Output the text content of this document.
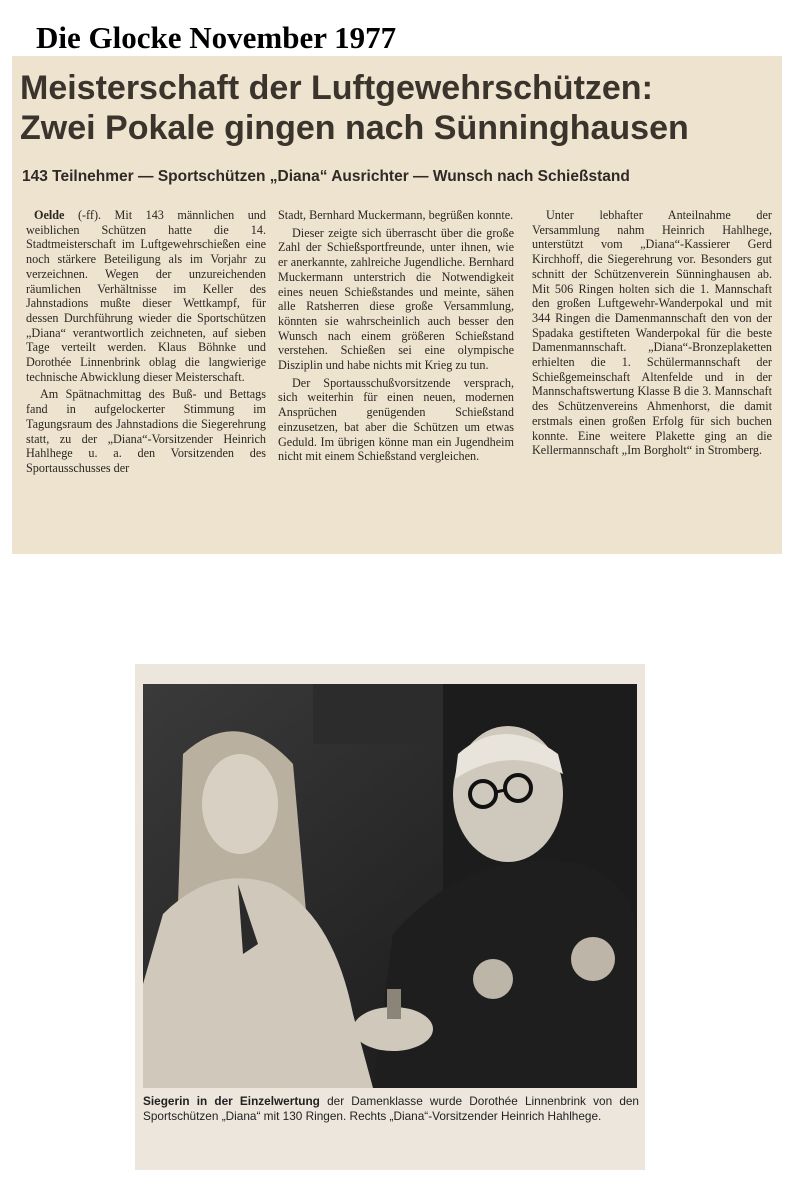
Die Glocke November 1977
Meisterschaft der Luftgewehrschützen:
Zwei Pokale gingen nach Sünninghausen
143 Teilnehmer — Sportschützen „Diana“ Ausrichter — Wunsch nach Schießstand

Oelde (-ff). Mit 143 männlichen und weiblichen Schützen hatte die 14. Stadtmeisterschaft im Luftgewehrschießen eine noch stärkere Beteiligung als im Vorjahr zu verzeichnen. Wegen der unzureichenden räumlichen Verhältnisse im Keller des Jahnstadions mußte dieser Wettkampf, für dessen Durchführung wieder die Sportschützen „Diana“ verantwortlich zeichneten, auf sieben Tage verteilt werden. Klaus Böhnke und Dorothée Linnenbrink oblag die langwierige technische Abwicklung dieser Meisterschaft.

Am Spätnachmittag des Buß- und Bettags fand in aufgelockerter Stimmung im Tagungsraum des Jahnstadions die Siegerehrung statt, zu der „Diana“-Vorsitzender Heinrich Hahlhege u. a. den Vorsitzenden des Sportausschusses der

Stadt, Bernhard Muckermann, begrüßen konnte.

Dieser zeigte sich überrascht über die große Zahl der Schießsportfreunde, unter ihnen, wie er anerkannte, zahlreiche Jugendliche. Bernhard Muckermann unterstrich die Notwendigkeit eines neuen Schießstandes und meinte, sähen alle Ratsherren diese große Versammlung, könnten sie wahrscheinlich auch besser den Wunsch nach einem größeren Schießstand verstehen. Schießen sei eine olympische Disziplin und habe nichts mit Krieg zu tun.

Der Sportausschußvorsitzende versprach, sich weiterhin für einen neuen, modernen Ansprüchen genügenden Schießstand einzusetzen, bat aber die Schützen um etwas Geduld. Im übrigen könne man ein Jugendheim nicht mit einem Schießstand vergleichen.

Unter lebhafter Anteilnahme der Versammlung nahm Heinrich Hahlhege, unterstützt vom „Diana“-Kassierer Gerd Kirchhoff, die Siegerehrung vor. Besonders gut schnitt der Schützenverein Sünninghausen ab. Mit 506 Ringen holten sich die 1. Mannschaft den großen Luftgewehr-Wanderpokal und mit 344 Ringen die Damenmannschaft den von der Spadaka gestifteten Wanderpokal für die beste Damenmannschaft. „Diana“-Bronzeplaketten erhielten die 1. Schülermannschaft der Schießgemeinschaft Altenfelde und in der Mannschaftswertung Klasse B die 3. Mannschaft des Schützenvereins Ahmenhorst, die damit erstmals einen großen Erfolg für sich buchen konnte. Eine weitere Plakette ging an die Kellermannschaft „Im Borgholt“ in Stromberg.

Siegerin in der Einzelwertung der Damenklasse wurde Dorothée Linnenbrink von den Sportschützen „Diana“ mit 130 Ringen. Rechts „Diana“-Vorsitzender Heinrich Hahlhege.
